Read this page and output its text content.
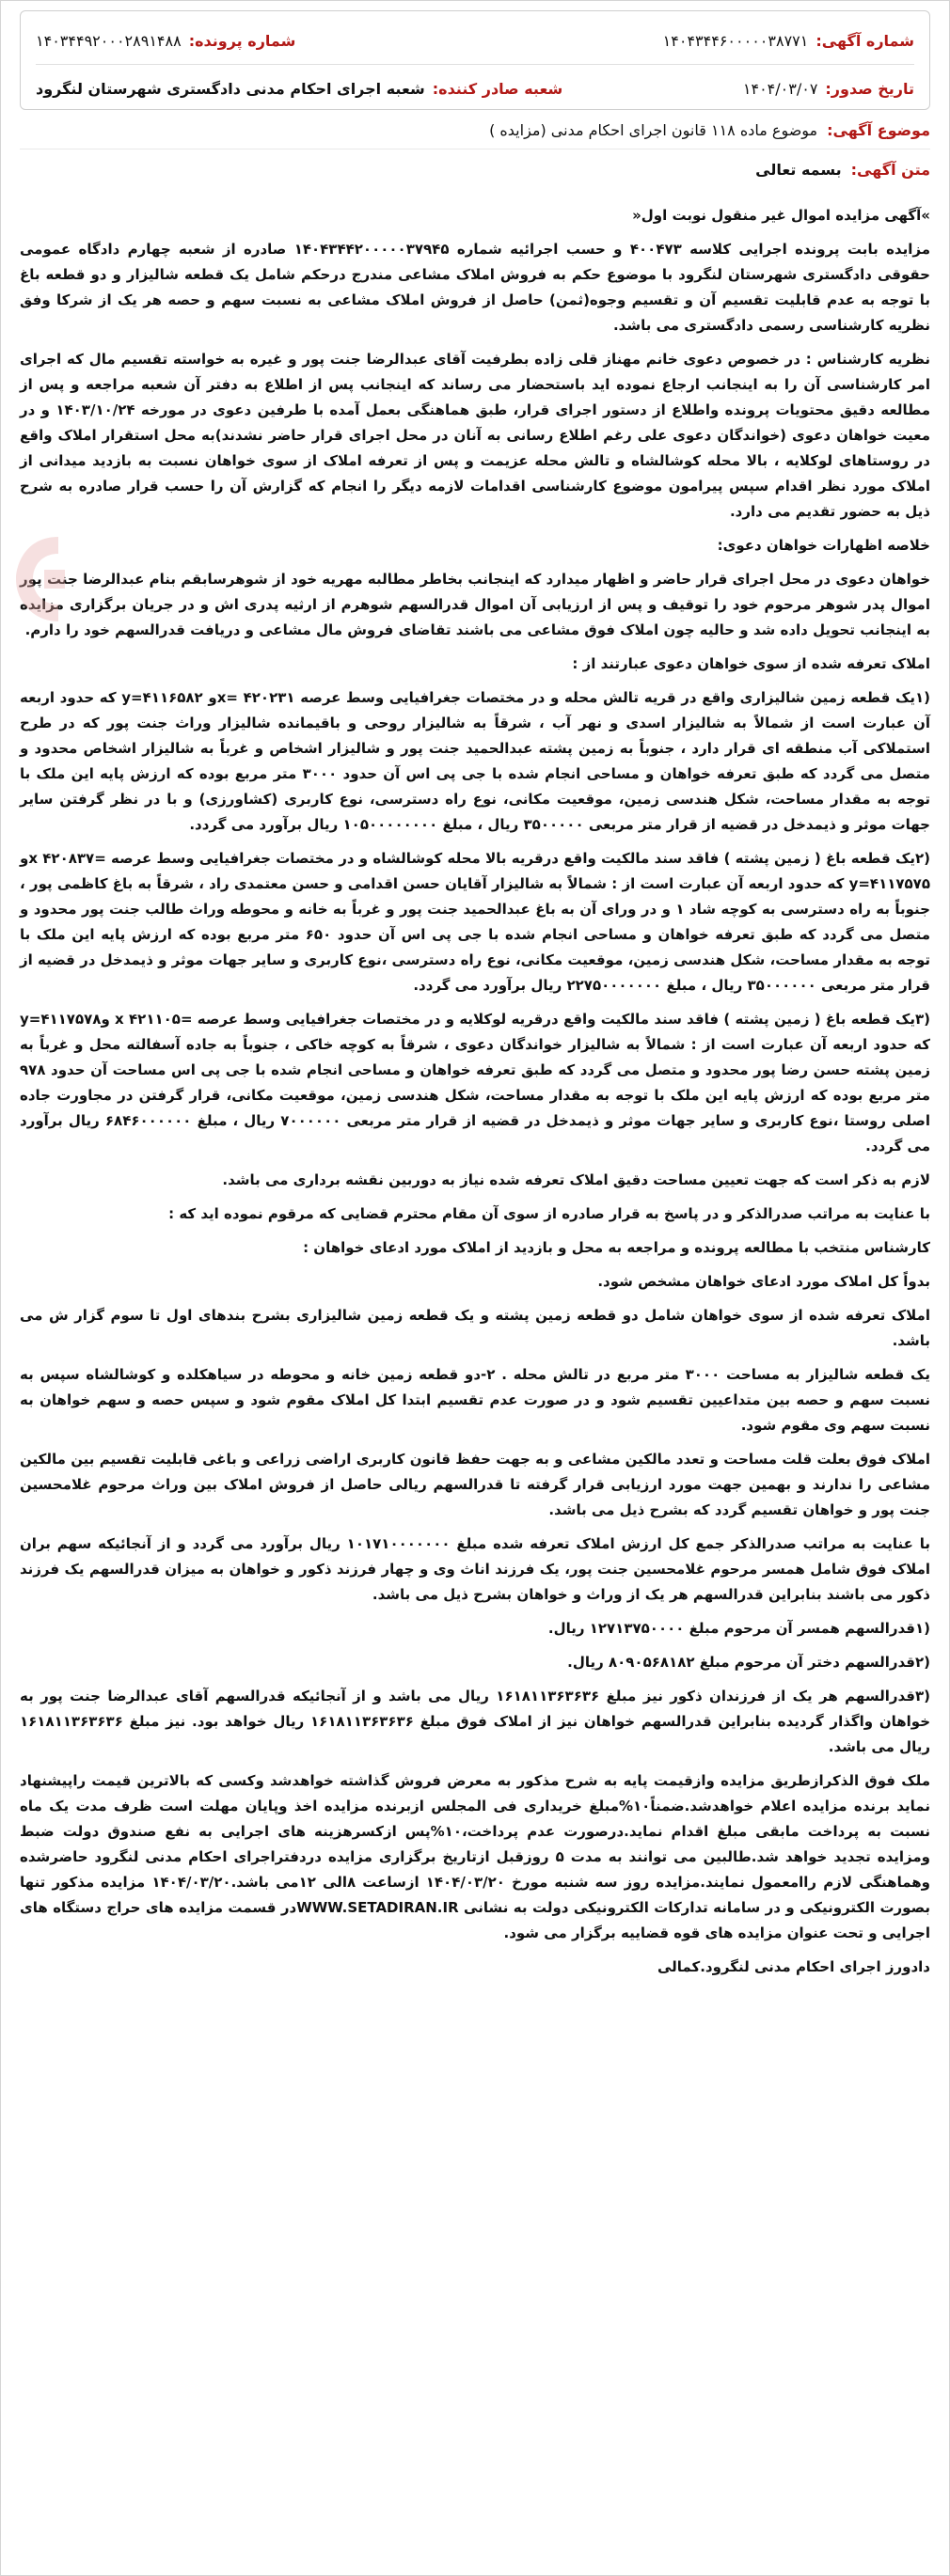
شماره آگهی:
۱۴۰۴۳۴۴۶۰۰۰۰۰۳۸۷۷۱
شماره پرونده:
۱۴۰۳۴۴۹۲۰۰۰۲۸۹۱۴۸۸
تاریخ صدور:
۱۴۰۴/۰۳/۰۷
شعبه صادر کننده:
شعبه اجرای احکام مدنی دادگستری شهرستان لنگرود
موضوع آگهی:
موضوع ماده ۱۱۸ قانون اجرای احکام مدنی (مزایده )
متن آگهی:
بسمه تعالی

»آگهی مزایده اموال غیر منقول نوبت اول«

مزایده بابت پرونده اجرایی کلاسه ۴۰۰۴۷۳ و حسب اجرائیه شماره ۱۴۰۴۳۴۴۲۰۰۰۰۰۳۷۹۴۵ صادره از شعبه چهارم دادگاه عمومی حقوقی دادگستری شهرستان لنگرود با موضوع حکم به فروش املاک مشاعی مندرج درحکم شامل یک قطعه شالیزار و دو قطعه باغ با توجه به عدم قابلیت تقسیم آن و تقسیم وجوه(ثمن) حاصل از فروش املاک مشاعی به نسبت سهم و حصه هر یک از شرکا وفق نظریه کارشناسی رسمی دادگستری می باشد.

نظریه کارشناس : در خصوص دعوی خانم مهناز قلی زاده بطرفیت آقای عبدالرضا جنت پور و غیره به خواسته تقسیم مال که اجرای امر کارشناسی آن را به اینجانب ارجاع نموده اید باستحضار می رساند که اینجانب پس از اطلاع به دفتر آن شعبه مراجعه و پس از مطالعه دقیق محتویات پرونده واطلاع از دستور اجرای قرار، طبق هماهنگی بعمل آمده با طرفین دعوی در مورخه ۱۴۰۳/۱۰/۲۴ و در معیت خواهان دعوی (خواندگان دعوی علی رغم اطلاع رسانی به آنان در محل اجرای قرار حاضر نشدند)به محل استقرار املاک واقع در روستاهای لوکلایه ، بالا محله کوشالشاه و تالش محله عزیمت و پس از تعرفه املاک از سوی خواهان نسبت به بازدید میدانی از املاک مورد نظر اقدام سپس پیرامون موضوع کارشناسی اقدامات لازمه دیگر را انجام که گزارش آن را حسب قرار صادره به شرح ذیل به حضور تقدیم می دارد.

خلاصه اظهارات خواهان دعوی:

خواهان دعوی در محل اجرای قرار حاضر و اظهار میدارد که اینجانب بخاطر مطالبه مهریه خود از شوهرسابقم بنام عبدالرضا جنت پور اموال پدر شوهر مرحوم خود را توقیف و پس از ارزیابی آن اموال قدرالسهم شوهرم از ارثیه پدری اش و در جریان برگزاری مزایده به اینجانب تحویل داده شد و حالیه چون املاک فوق مشاعی می باشند تقاضای فروش مال مشاعی و دریافت قدرالسهم خود را دارم.

املاک تعرفه شده از سوی خواهان دعوی عبارتند از :

(۱یک قطعه زمین شالیزاری واقع در قریه تالش محله و در مختصات جغرافیایی وسط عرصه ۴۲۰۲۳۱ =xو y=۴۱۱۶۵۸۲ که حدود اربعه آن عبارت است از شمالاً به شالیزار اسدی و نهر آب ، شرقاً به شالیزار روحی و باقیمانده شالیزار وراث جنت پور که در طرح استملاکی آب منطقه ای قرار دارد ، جنوباً به زمین پشته عبدالحمید جنت پور و شالیزار اشخاص و غرباً به شالیزار اشخاص محدود و متصل می گردد که طبق تعرفه خواهان و مساحی انجام شده با جی پی اس آن حدود ۳۰۰۰ متر مربع بوده که ارزش پایه این ملک با توجه به مقدار مساحت، شکل هندسی زمین، موقعیت مکانی، نوع راه دسترسی، نوع کاربری (کشاورزی) و با در نظر گرفتن سایر جهات موثر و ذیمدخل در قضیه از قرار متر مربعی ۳۵۰۰۰۰۰ ریال ، مبلغ ۱۰۵۰۰۰۰۰۰۰۰ ریال برآورد می گردد.

(۲یک قطعه باغ ( زمین پشته ) فاقد سند مالکیت واقع درقریه بالا محله کوشالشاه و در مختصات جغرافیایی وسط عرصه =x ۴۲۰۸۳۷و y=۴۱۱۷۵۷۵ که حدود اربعه آن عبارت است از : شمالاً به شالیزار آقایان حسن اقدامی و حسن معتمدی راد ، شرقاً به باغ کاظمی پور ، جنوباً به راه دسترسی به کوچه شاد ۱ و در ورای آن به باغ عبدالحمید جنت پور و غرباً به خانه و محوطه وراث طالب جنت پور محدود و متصل می گردد که طبق تعرفه خواهان و مساحی انجام شده با جی پی اس آن حدود ۶۵۰ متر مربع بوده که ارزش پایه این ملک با توجه به مقدار مساحت، شکل هندسی زمین، موقعیت مکانی، نوع راه دسترسی ،نوع کاربری و سایر جهات موثر و ذیمدخل در قضیه از قرار متر مربعی ۳۵۰۰۰۰۰۰ ریال ، مبلغ ۲۲۷۵۰۰۰۰۰۰۰ ریال برآورد می گردد.

(۳یک قطعه باغ ( زمین پشته ) فاقد سند مالکیت واقع درقریه لوکلایه و در مختصات جغرافیایی وسط عرصه =x ۴۲۱۱۰۵ وy=۴۱۱۷۵۷۸ که حدود اربعه آن عبارت است از : شمالاً به شالیزار خواندگان دعوی ، شرقاً به کوچه خاکی ، جنوباً به جاده آسفالته محل و غرباً به زمین پشته حسن رضا پور محدود و متصل می گردد که طبق تعرفه خواهان و مساحی انجام شده با جی پی اس مساحت آن حدود ۹۷۸ متر مربع بوده که ارزش پایه این ملک با توجه به مقدار مساحت، شکل هندسی زمین، موقعیت مکانی، قرار گرفتن در مجاورت جاده اصلی روستا ،نوع کاربری و سایر جهات موثر و ذیمدخل در قضیه از قرار متر مربعی ۷۰۰۰۰۰۰ ریال ، مبلغ ۶۸۴۶۰۰۰۰۰۰ ریال برآورد می گردد.

لازم به ذکر است که جهت تعیین مساحت دقیق املاک تعرفه شده نیاز به دوربین نقشه برداری می باشد.

با عنایت به مراتب صدرالذکر و در پاسخ به قرار صادره از سوی آن مقام محترم قضایی که مرقوم نموده اید که :

کارشناس منتخب با مطالعه پرونده و مراجعه به محل و بازدید از املاک مورد ادعای خواهان :

بدواً کل املاک مورد ادعای خواهان مشخص شود.

املاک تعرفه شده از سوی خواهان شامل دو قطعه زمین پشته و یک قطعه زمین شالیزاری بشرح بندهای اول تا سوم گزار ش می باشد.

یک قطعه شالیزار به مساحت ۳۰۰۰ متر مربع در تالش محله . ۲-دو قطعه زمین خانه و محوطه در سیاهکلده و کوشالشاه سپس به نسبت سهم و حصه بین متداعیین تقسیم شود و در صورت عدم تقسیم ابتدا کل املاک مقوم شود و سپس حصه و سهم خواهان به نسبت سهم وی مقوم شود.

املاک فوق بعلت قلت مساحت و تعدد مالکین مشاعی و به جهت حفظ قانون کاربری اراضی زراعی و باغی قابلیت تقسیم بین مالکین مشاعی را ندارند و بهمین جهت مورد ارزیابی قرار گرفته تا قدرالسهم ریالی حاصل از فروش املاک بین وراث مرحوم غلامحسین جنت پور و خواهان تقسیم گردد که بشرح ذیل می باشد.

با عنایت به مراتب صدرالذکر جمع کل ارزش املاک تعرفه شده مبلغ ۱۰۱۷۱۰۰۰۰۰۰۰ ریال برآورد می گردد و از آنجائیکه سهم بران املاک فوق شامل همسر مرحوم غلامحسین جنت پور، یک فرزند اناث وی و چهار فرزند ذکور و خواهان به میزان قدرالسهم یک فرزند ذکور می باشند بنابراین قدرالسهم هر یک از وراث و خواهان بشرح ذیل می باشد.

(۱قدرالسهم همسر آن مرحوم مبلغ ۱۲۷۱۳۷۵۰۰۰۰ ریال.

(۲قدرالسهم دختر آن مرحوم مبلغ ۸۰۹۰۵۶۸۱۸۲ ریال.

(۳قدرالسهم هر یک از فرزندان ذکور نیز مبلغ ۱۶۱۸۱۱۳۶۳۶۳۶ ریال می باشد و از آنجائیکه قدرالسهم آقای عبدالرضا جنت پور به خواهان واگذار گردیده بنابراین قدرالسهم خواهان نیز از املاک فوق مبلغ ۱۶۱۸۱۱۳۶۳۶۳۶ ریال خواهد بود. نیز مبلغ ۱۶۱۸۱۱۳۶۳۶۳۶ ریال می باشد.

ملک فوق الذکرازطریق مزایده وازقیمت پایه به شرح مذکور به معرض فروش گذاشته خواهدشد وکسی که بالاترین قیمت راپیشنهاد نماید برنده مزایده اعلام خواهدشد.ضمناً۱۰%مبلغ خریداری فی المجلس ازبرنده مزایده اخذ وپایان مهلت است ظرف مدت یک ماه نسبت به پرداخت مابقی مبلغ اقدام نماید.درصورت عدم پرداخت،۱۰%پس ازکسرهزینه های اجرایی به نفع صندوق دولت ضبط ومزایده تجدید خواهد شد.طالبین می توانند به مدت ۵ روزقبل ازتاریخ برگزاری مزایده دردفتراجرای احکام مدنی لنگرود حاضرشده وهماهنگی لازم راامعمول نمایند.مزایده روز سه شنبه مورخ ۱۴۰۴/۰۳/۲۰ ازساعت ۸الی ۱۲می باشد.۱۴۰۴/۰۳/۲۰ مزایده مذکور تنها بصورت الکترونیکی و در سامانه تدارکات الکترونیکی دولت به نشانی WWW.SETADIRAN.IRدر قسمت مزایده های حراج دستگاه های اجرایی و تحت عنوان مزایده های قوه قضاییه برگزار می شود.

دادورز اجرای احکام مدنی لنگرود.کمالی
